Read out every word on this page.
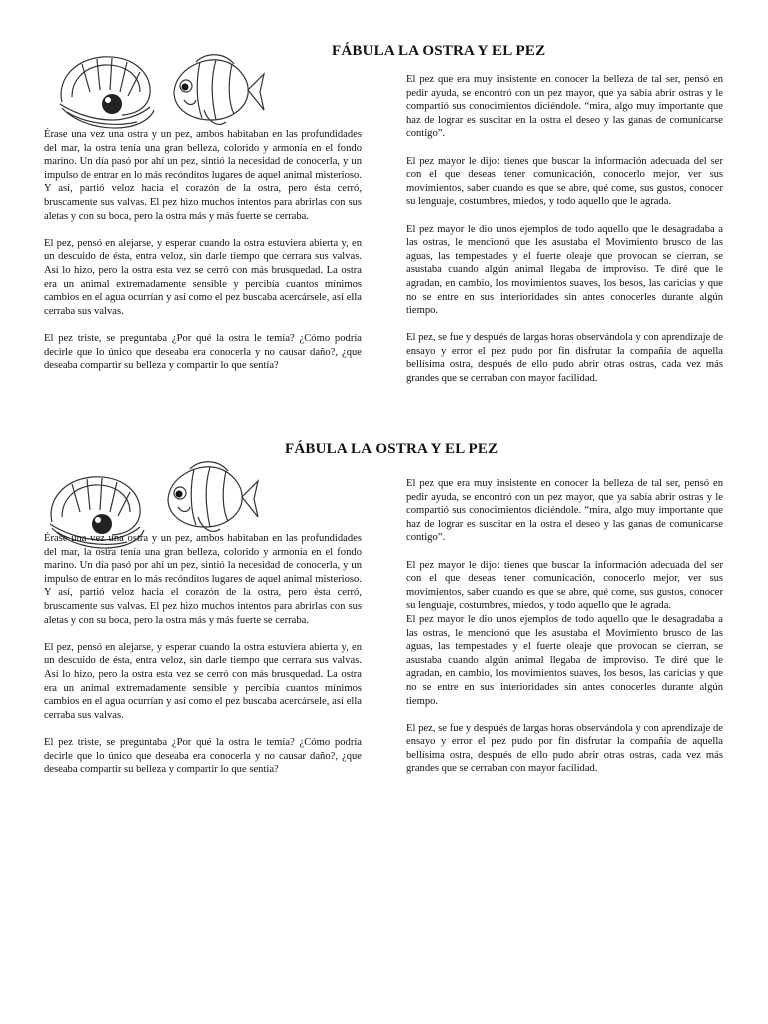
FÁBULA LA OSTRA Y EL PEZ

Érase una vez una ostra y un pez, ambos habitaban en las profundidades del mar, la ostra tenía una gran belleza, colorido y armonía en el fondo marino. Un día pasó por ahí un pez, sintió la necesidad de conocerla, y un impulso de entrar en lo más recónditos lugares de aquel animal misterioso. Y así, partió veloz hacia el corazón de la ostra, pero ésta cerró, bruscamente sus valvas. El pez hizo muchos intentos para abrirlas con sus aletas y con su boca, pero la ostra más y más fuerte se cerraba.

El pez, pensó en alejarse, y esperar cuando la ostra estuviera abierta y, en un descuido de ésta, entra veloz, sin darle tiempo que cerrara sus valvas. Así lo hizo, pero la ostra esta vez se cerró con más brusquedad. La ostra era un animal extremadamente sensible y percibía cuantos mínimos cambios en el agua ocurrían y así como el pez buscaba acercársele, así ella cerraba sus valvas.

El pez triste, se preguntaba ¿Por qué la ostra le temía? ¿Cómo podría decirle que lo único que deseaba era conocerla y no causar daño?, ¿que deseaba compartir su belleza y compartir lo que sentía?

El pez que era muy insistente en conocer la belleza de tal ser, pensó en pedir ayuda, se encontró con un pez mayor, que ya sabía abrir ostras y le compartió sus conocimientos diciéndole. “mira, algo muy importante que haz de lograr es suscitar en la ostra el deseo y las ganas de comunicarse contigo”.

El pez mayor le dijo: tienes que buscar la información adecuada del ser con el que deseas tener comunicación, conocerlo mejor, ver sus movimientos, saber cuando es que se abre, qué come, sus gustos, conocer su lenguaje, costumbres, miedos, y todo aquello que le agrada.

El pez mayor le dio unos ejemplos de todo aquello que le desagradaba a las ostras, le mencionó que les asustaba el Movimiento brusco de las aguas, las tempestades y el fuerte oleaje que provocan se cierran, se asustaba cuando algún animal llegaba de improviso. Te diré que le agradan, en cambio, los movimientos suaves, los besos, las caricias y que no se entre en sus interioridades sin antes conocerles durante algún tiempo.

El pez, se fue y después de largas horas observándola y con aprendizaje de ensayo y error el pez pudo por fin disfrutar la compañía de aquella bellísima ostra, después de ello pudo abrir otras ostras, cada vez más grandes que se cerraban con mayor facilidad.

FÁBULA LA OSTRA Y EL PEZ

Érase una vez una ostra y un pez, ambos habitaban en las profundidades del mar, la ostra tenía una gran belleza, colorido y armonía en el fondo marino. Un día pasó por ahí un pez, sintió la necesidad de conocerla, y un impulso de entrar en lo más recónditos lugares de aquel animal misterioso. Y así, partió veloz hacia el corazón de la ostra, pero ésta cerró, bruscamente sus valvas. El pez hizo muchos intentos para abrirlas con sus aletas y con su boca, pero la ostra más y más fuerte se cerraba.

El pez, pensó en alejarse, y esperar cuando la ostra estuviera abierta y, en un descuido de ésta, entra veloz, sin darle tiempo que cerrara sus valvas. Así lo hizo, pero la ostra esta vez se cerró con más brusquedad. La ostra era un animal extremadamente sensible y percibía cuantos mínimos cambios en el agua ocurrían y así como el pez buscaba acercársele, así ella cerraba sus valvas.

El pez triste, se preguntaba ¿Por qué la ostra le temía? ¿Cómo podría decirle que lo único que deseaba era conocerla y no causar daño?, ¿que deseaba compartir su belleza y compartir lo que sentía?

El pez que era muy insistente en conocer la belleza de tal ser, pensó en pedir ayuda, se encontró con un pez mayor, que ya sabía abrir ostras y le compartió sus conocimientos diciéndole. “mira, algo muy importante que haz de lograr es suscitar en la ostra el deseo y las ganas de comunicarse contigo”.

El pez mayor le dijo: tienes que buscar la información adecuada del ser con el que deseas tener comunicación, conocerlo mejor, ver sus movimientos, saber cuando es que se abre, qué come, sus gustos, conocer su lenguaje, costumbres, miedos, y todo aquello que le agrada.

El pez mayor le dio unos ejemplos de todo aquello que le desagradaba a las ostras, le mencionó que les asustaba el Movimiento brusco de las aguas, las tempestades y el fuerte oleaje que provocan se cierran, se asustaba cuando algún animal llegaba de improviso. Te diré que le agradan, en cambio, los movimientos suaves, los besos, las caricias y que no se entre en sus interioridades sin antes conocerles durante algún tiempo.

El pez, se fue y después de largas horas observándola y con aprendizaje de ensayo y error el pez pudo por fin disfrutar la compañía de aquella bellísima ostra, después de ello pudo abrir otras ostras, cada vez más grandes que se cerraban con mayor facilidad.
